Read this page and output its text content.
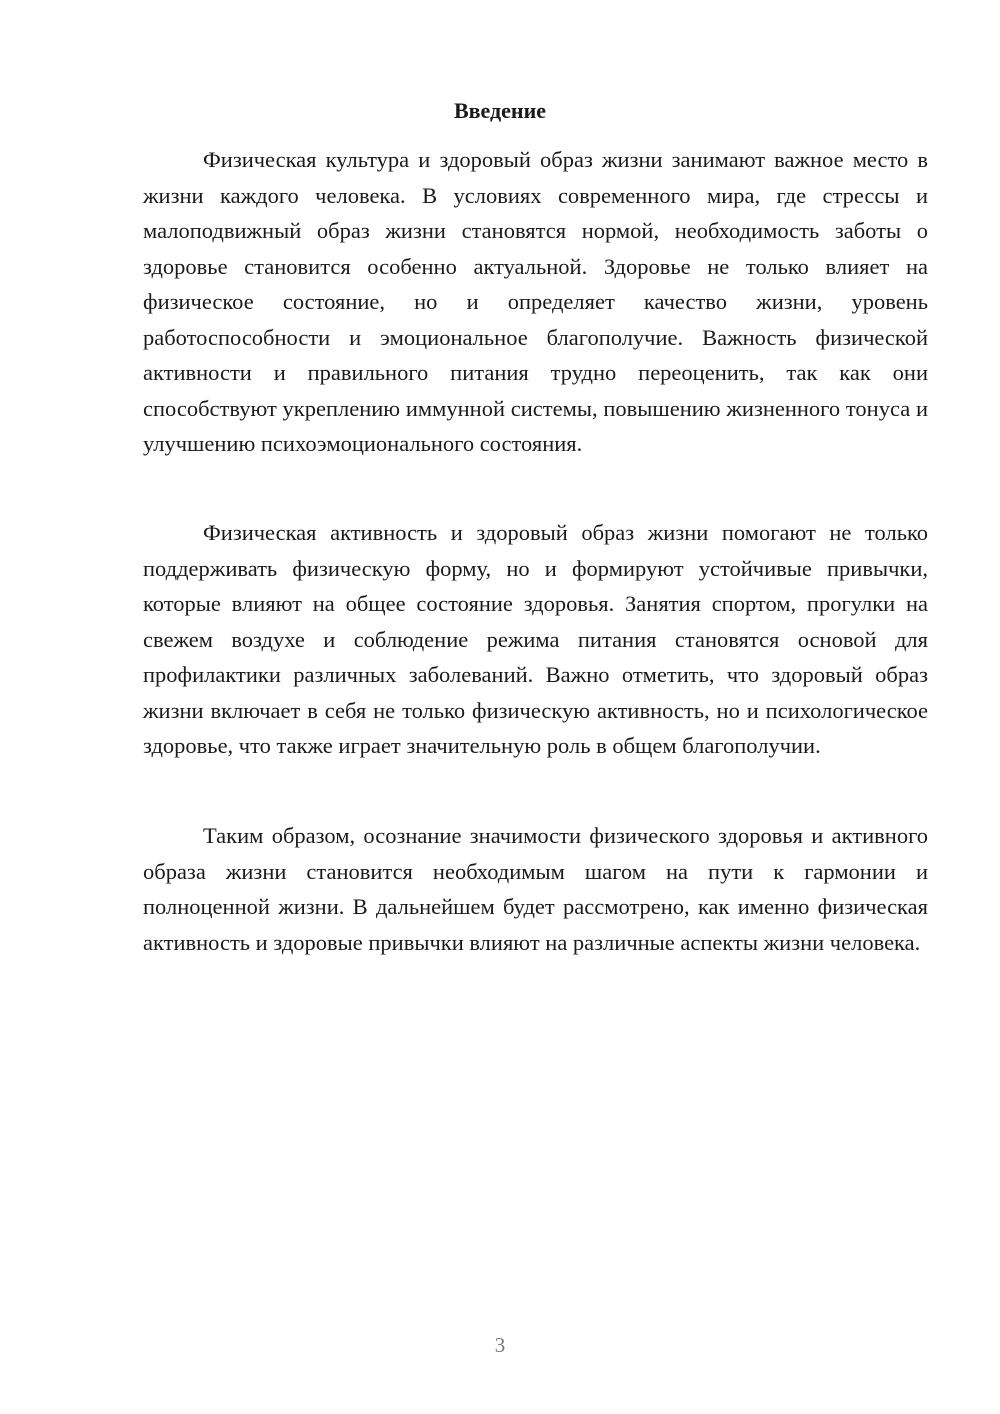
Введение

Физическая культура и здоровый образ жизни занимают важное место в жизни каждого человека. В условиях современного мира, где стрессы и малоподвижный образ жизни становятся нормой, необходимость заботы о здоровье становится особенно актуальной. Здоровье не только влияет на физическое состояние, но и определяет качество жизни, уровень работоспособности и эмоциональное благополучие. Важность физической активности и правильного питания трудно переоценить, так как они способствуют укреплению иммунной системы, повышению жизненного тонуса и улучшению психоэмоционального состояния.

Физическая активность и здоровый образ жизни помогают не только поддерживать физическую форму, но и формируют устойчивые привычки, которые влияют на общее состояние здоровья. Занятия спортом, прогулки на свежем воздухе и соблюдение режима питания становятся основой для профилактики различных заболеваний. Важно отметить, что здоровый образ жизни включает в себя не только физическую активность, но и психологическое здоровье, что также играет значительную роль в общем благополучии.

Таким образом, осознание значимости физического здоровья и активного образа жизни становится необходимым шагом на пути к гармонии и полноценной жизни. В дальнейшем будет рассмотрено, как именно физическая активность и здоровые привычки влияют на различные аспекты жизни человека.

3
